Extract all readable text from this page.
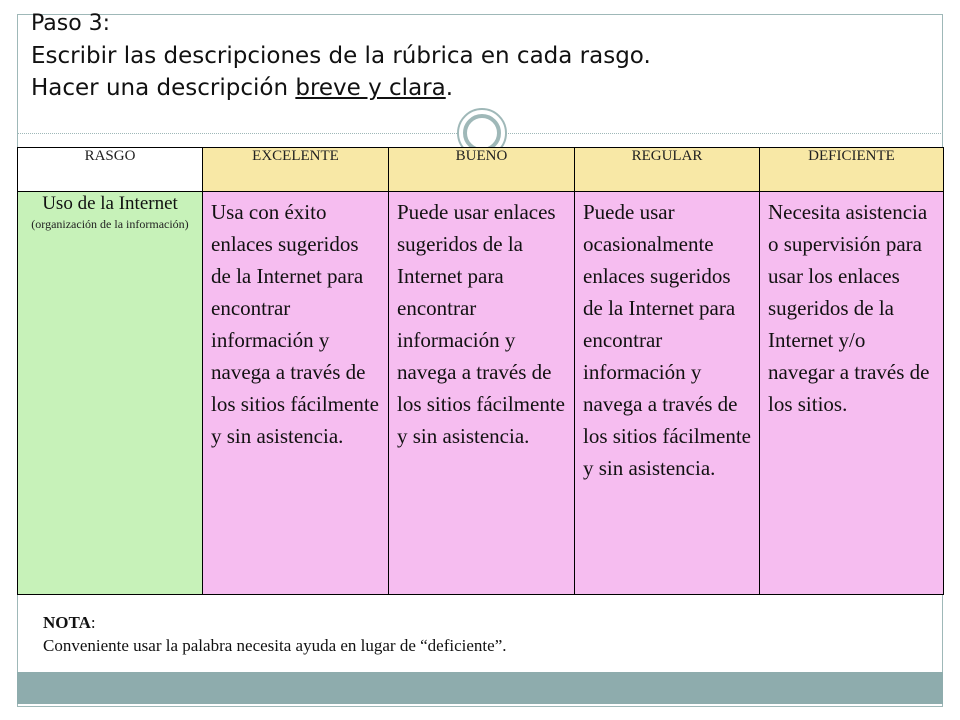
Paso 3:
Escribir las descripciones de la rúbrica en cada rasgo.
Hacer una descripción breve y clara.
RASGO	EXCELENTE	BUENO	REGULAR	DEFICIENTE

Uso de la Internet
(organización de la información)	Usa con éxito enlaces sugeridos de la Internet para encontrar información y navega a través de los sitios fácilmente y sin asistencia.	Puede usar enlaces sugeridos de la Internet para encontrar información y navega a través de los sitios fácilmente y sin asistencia.	Puede usar ocasionalmente enlaces sugeridos de la Internet para encontrar información y navega a través de los sitios fácilmente y sin asistencia.	Necesita asistencia o supervisión para usar los enlaces sugeridos de la Internet y/o navegar a través de los sitios.
NOTA:
Conveniente usar la palabra necesita ayuda en lugar de “deficiente”.
